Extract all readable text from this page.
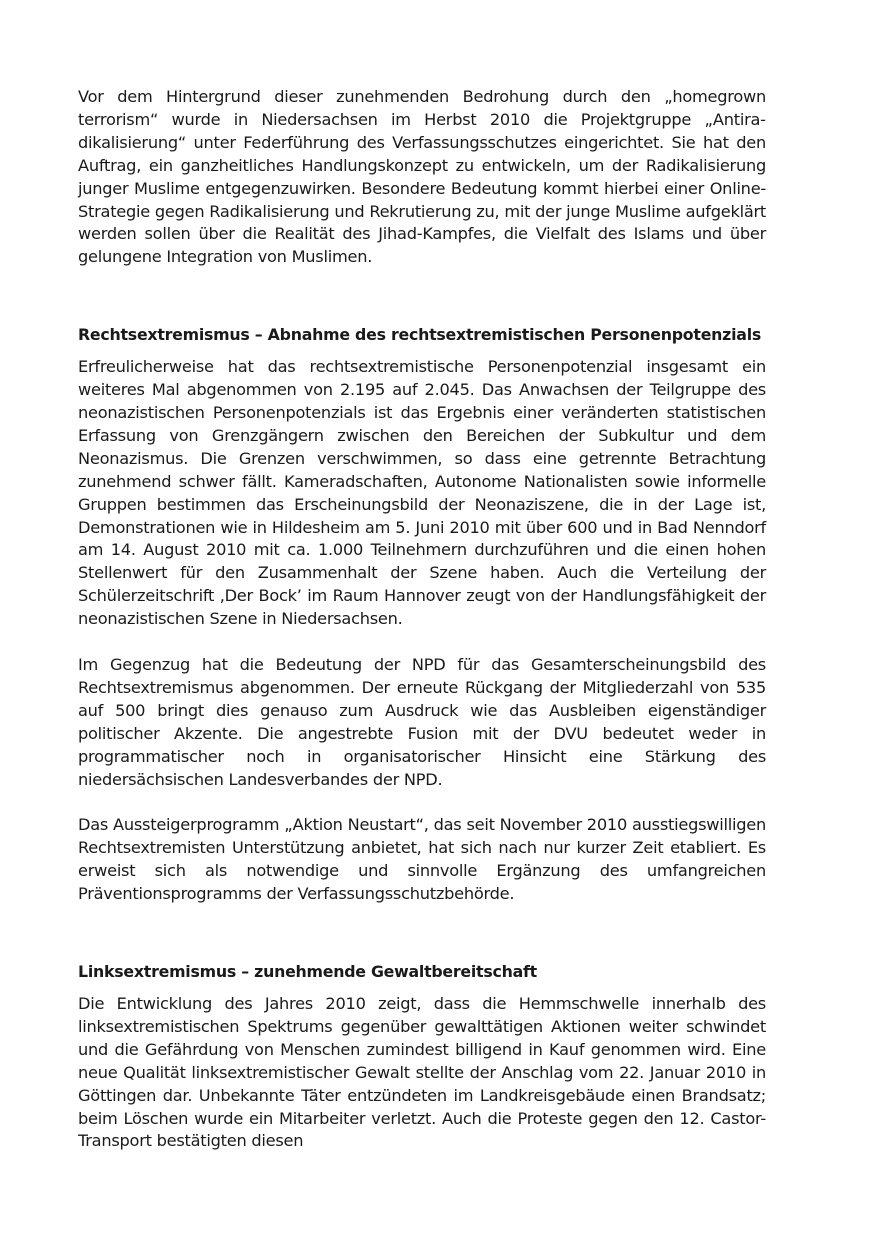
Vor dem Hintergrund dieser zunehmenden Bedrohung durch den „homegrown terrorism“ wurde in Niedersachsen im Herbst 2010 die Projektgruppe „Antiradikalisierung“ unter Federführung des Verfassungsschutzes eingerichtet. Sie hat den Auftrag, ein ganzheitliches Handlungskonzept zu entwickeln, um der Radikalisierung junger Muslime entgegenzuwirken. Besondere Bedeutung kommt hierbei einer Online-Strategie gegen Radikalisierung und Rekrutierung zu, mit der junge Muslime aufgeklärt werden sollen über die Realität des Jihad-Kampfes, die Vielfalt des Islams und über gelungene Integration von Muslimen.

Rechtsextremismus – Abnahme des rechtsextremistischen Personenpotenzials

Erfreulicherweise hat das rechtsextremistische Personenpotenzial insgesamt ein weiteres Mal abgenommen von 2.195 auf 2.045. Das Anwachsen der Teilgruppe des neonazistischen Personenpotenzials ist das Ergebnis einer veränderten statistischen Erfassung von Grenzgängern zwischen den Bereichen der Subkultur und dem Neonazismus. Die Grenzen verschwimmen, so dass eine getrennte Betrachtung zunehmend schwer fällt. Kameradschaften, Autonome Nationalisten sowie informelle Gruppen bestimmen das Erscheinungsbild der Neonaziszene, die in der Lage ist, Demonstrationen wie in Hildesheim am 5. Juni 2010 mit über 600 und in Bad Nenndorf am 14. August 2010 mit ca. 1.000 Teilnehmern durchzuführen und die einen hohen Stellenwert für den Zusammenhalt der Szene haben. Auch die Verteilung der Schülerzeitschrift ‚Der Bock’ im Raum Hannover zeugt von der Handlungsfähigkeit der neonazistischen Szene in Niedersachsen.

Im Gegenzug hat die Bedeutung der NPD für das Gesamterscheinungsbild des Rechtsextremismus abgenommen. Der erneute Rückgang der Mitgliederzahl von 535 auf 500 bringt dies genauso zum Ausdruck wie das Ausbleiben eigenständiger politischer Akzente. Die angestrebte Fusion mit der DVU bedeutet weder in programmatischer noch in organisatorischer Hinsicht eine Stärkung des niedersächsischen Landesverbandes der NPD.

Das Aussteigerprogramm „Aktion Neustart“, das seit November 2010 ausstiegswilligen Rechtsextremisten Unterstützung anbietet, hat sich nach nur kurzer Zeit etabliert. Es erweist sich als notwendige und sinnvolle Ergänzung des umfangreichen Präventionsprogramms der Verfassungsschutzbehörde.

Linksextremismus – zunehmende Gewaltbereitschaft

Die Entwicklung des Jahres 2010 zeigt, dass die Hemmschwelle innerhalb des linksextremistischen Spektrums gegenüber gewalttätigen Aktionen weiter schwindet und die Gefährdung von Menschen zumindest billigend in Kauf genommen wird. Eine neue Qualität linksextremistischer Gewalt stellte der Anschlag vom 22. Januar 2010 in Göttingen dar. Unbekannte Täter entzündeten im Landkreisgebäude einen Brandsatz; beim Löschen wurde ein Mitarbeiter verletzt. Auch die Proteste gegen den 12. Castor-Transport bestätigten diesen
